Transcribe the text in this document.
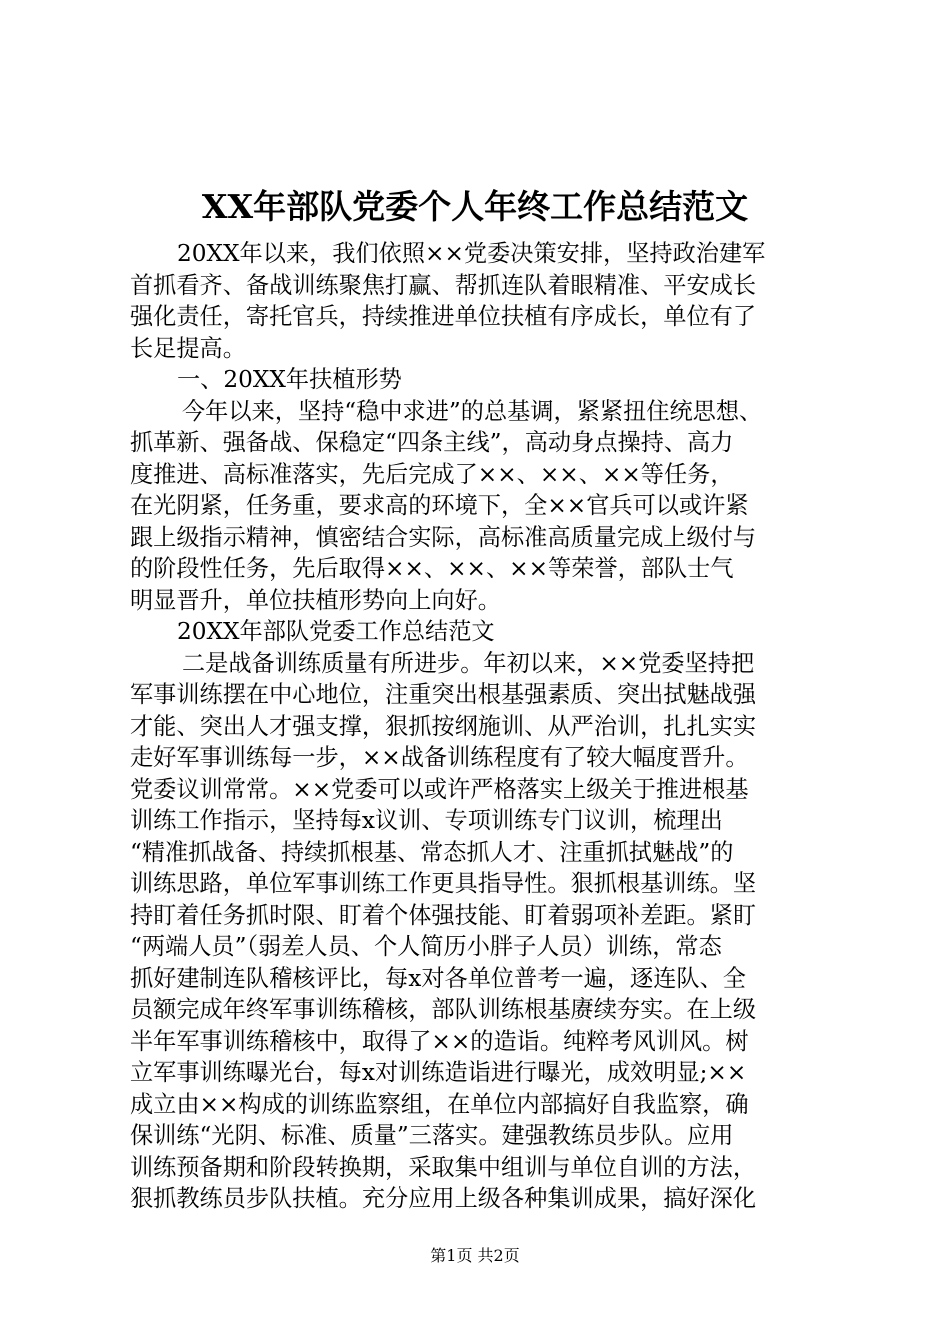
XX年部队党委个人年终工作总结范文
20XX年以来，我们依照××党委决策安排，坚持政治建军
首抓看齐、备战训练聚焦打赢、帮抓连队着眼精准、平安成长
强化责任，寄托官兵，持续推进单位扶植有序成长，单位有了
长足提高。
一、20XX年扶植形势
今年以来，坚持“稳中求进”的总基调，紧紧扭住统思想、
抓革新、强备战、保稳定“四条主线”，高动身点操持、高力
度推进、高标准落实，先后完成了××、××、××等任务，
在光阴紧，任务重，要求高的环境下，全××官兵可以或许紧
跟上级指示精神，慎密结合实际，高标准高质量完成上级付与
的阶段性任务，先后取得××、××、××等荣誉，部队士气
明显晋升，单位扶植形势向上向好。
20XX年部队党委工作总结范文
二是战备训练质量有所进步。年初以来，××党委坚持把
军事训练摆在中心地位，注重突出根基强素质、突出拭魅战强
才能、突出人才强支撑，狠抓按纲施训、从严治训，扎扎实实
走好军事训练每一步，××战备训练程度有了较大幅度晋升。
党委议训常常。××党委可以或许严格落实上级关于推进根基
训练工作指示，坚持每x议训、专项训练专门议训，梳理出
“精准抓战备、持续抓根基、常态抓人才、注重抓拭魅战”的
训练思路，单位军事训练工作更具指导性。狠抓根基训练。坚
持盯着任务抓时限、盯着个体强技能、盯着弱项补差距。紧盯
“两端人员”（弱差人员、个人简历小胖子人员）训练，常态
抓好建制连队稽核评比，每x对各单位普考一遍，逐连队、全
员额完成年终军事训练稽核，部队训练根基赓续夯实。在上级
半年军事训练稽核中，取得了××的造诣。纯粹考风训风。树
立军事训练曝光台，每x对训练造诣进行曝光，成效明显;××
成立由××构成的训练监察组，在单位内部搞好自我监察，确
保训练“光阴、标准、质量”三落实。建强教练员步队。应用
训练预备期和阶段转换期，采取集中组训与单位自训的方法，
狠抓教练员步队扶植。充分应用上级各种集训成果，搞好深化
第1页 共2页
